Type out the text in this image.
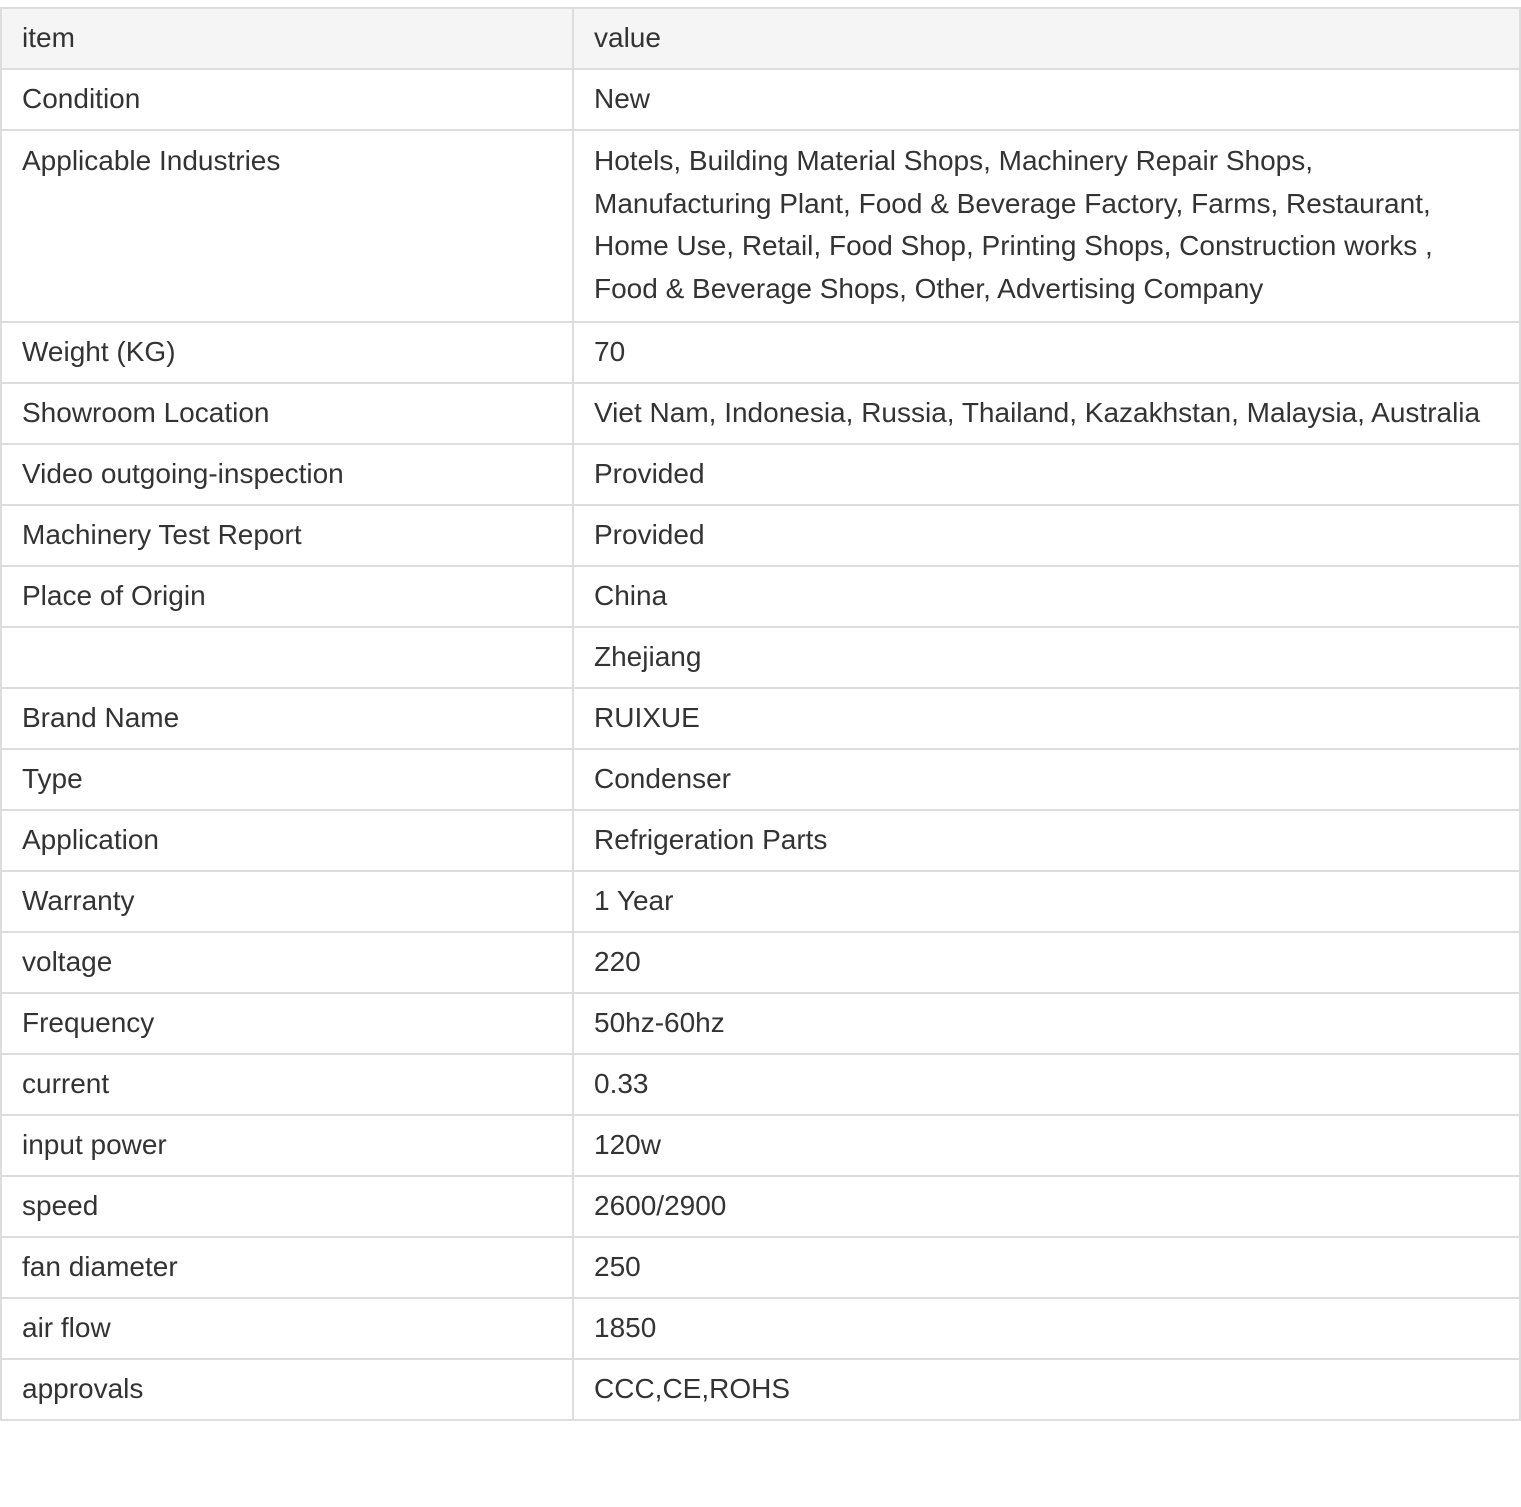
item	value
Condition	New
Applicable Industries	Hotels, Building Material Shops, Machinery Repair Shops,
Manufacturing Plant, Food & Beverage Factory, Farms, Restaurant,
Home Use, Retail, Food Shop, Printing Shops, Construction works ,
Food & Beverage Shops, Other, Advertising Company
Weight (KG)	70
Showroom Location	Viet Nam, Indonesia, Russia, Thailand, Kazakhstan, Malaysia, Australia
Video outgoing-inspection	Provided
Machinery Test Report	Provided
Place of Origin	China
	Zhejiang
Brand Name	RUIXUE
Type	Condenser
Application	Refrigeration Parts
Warranty	1 Year
voltage	220
Frequency	50hz-60hz
current	0.33
input power	120w
speed	2600/2900
fan diameter	250
air flow	1850
approvals	CCC,CE,ROHS
